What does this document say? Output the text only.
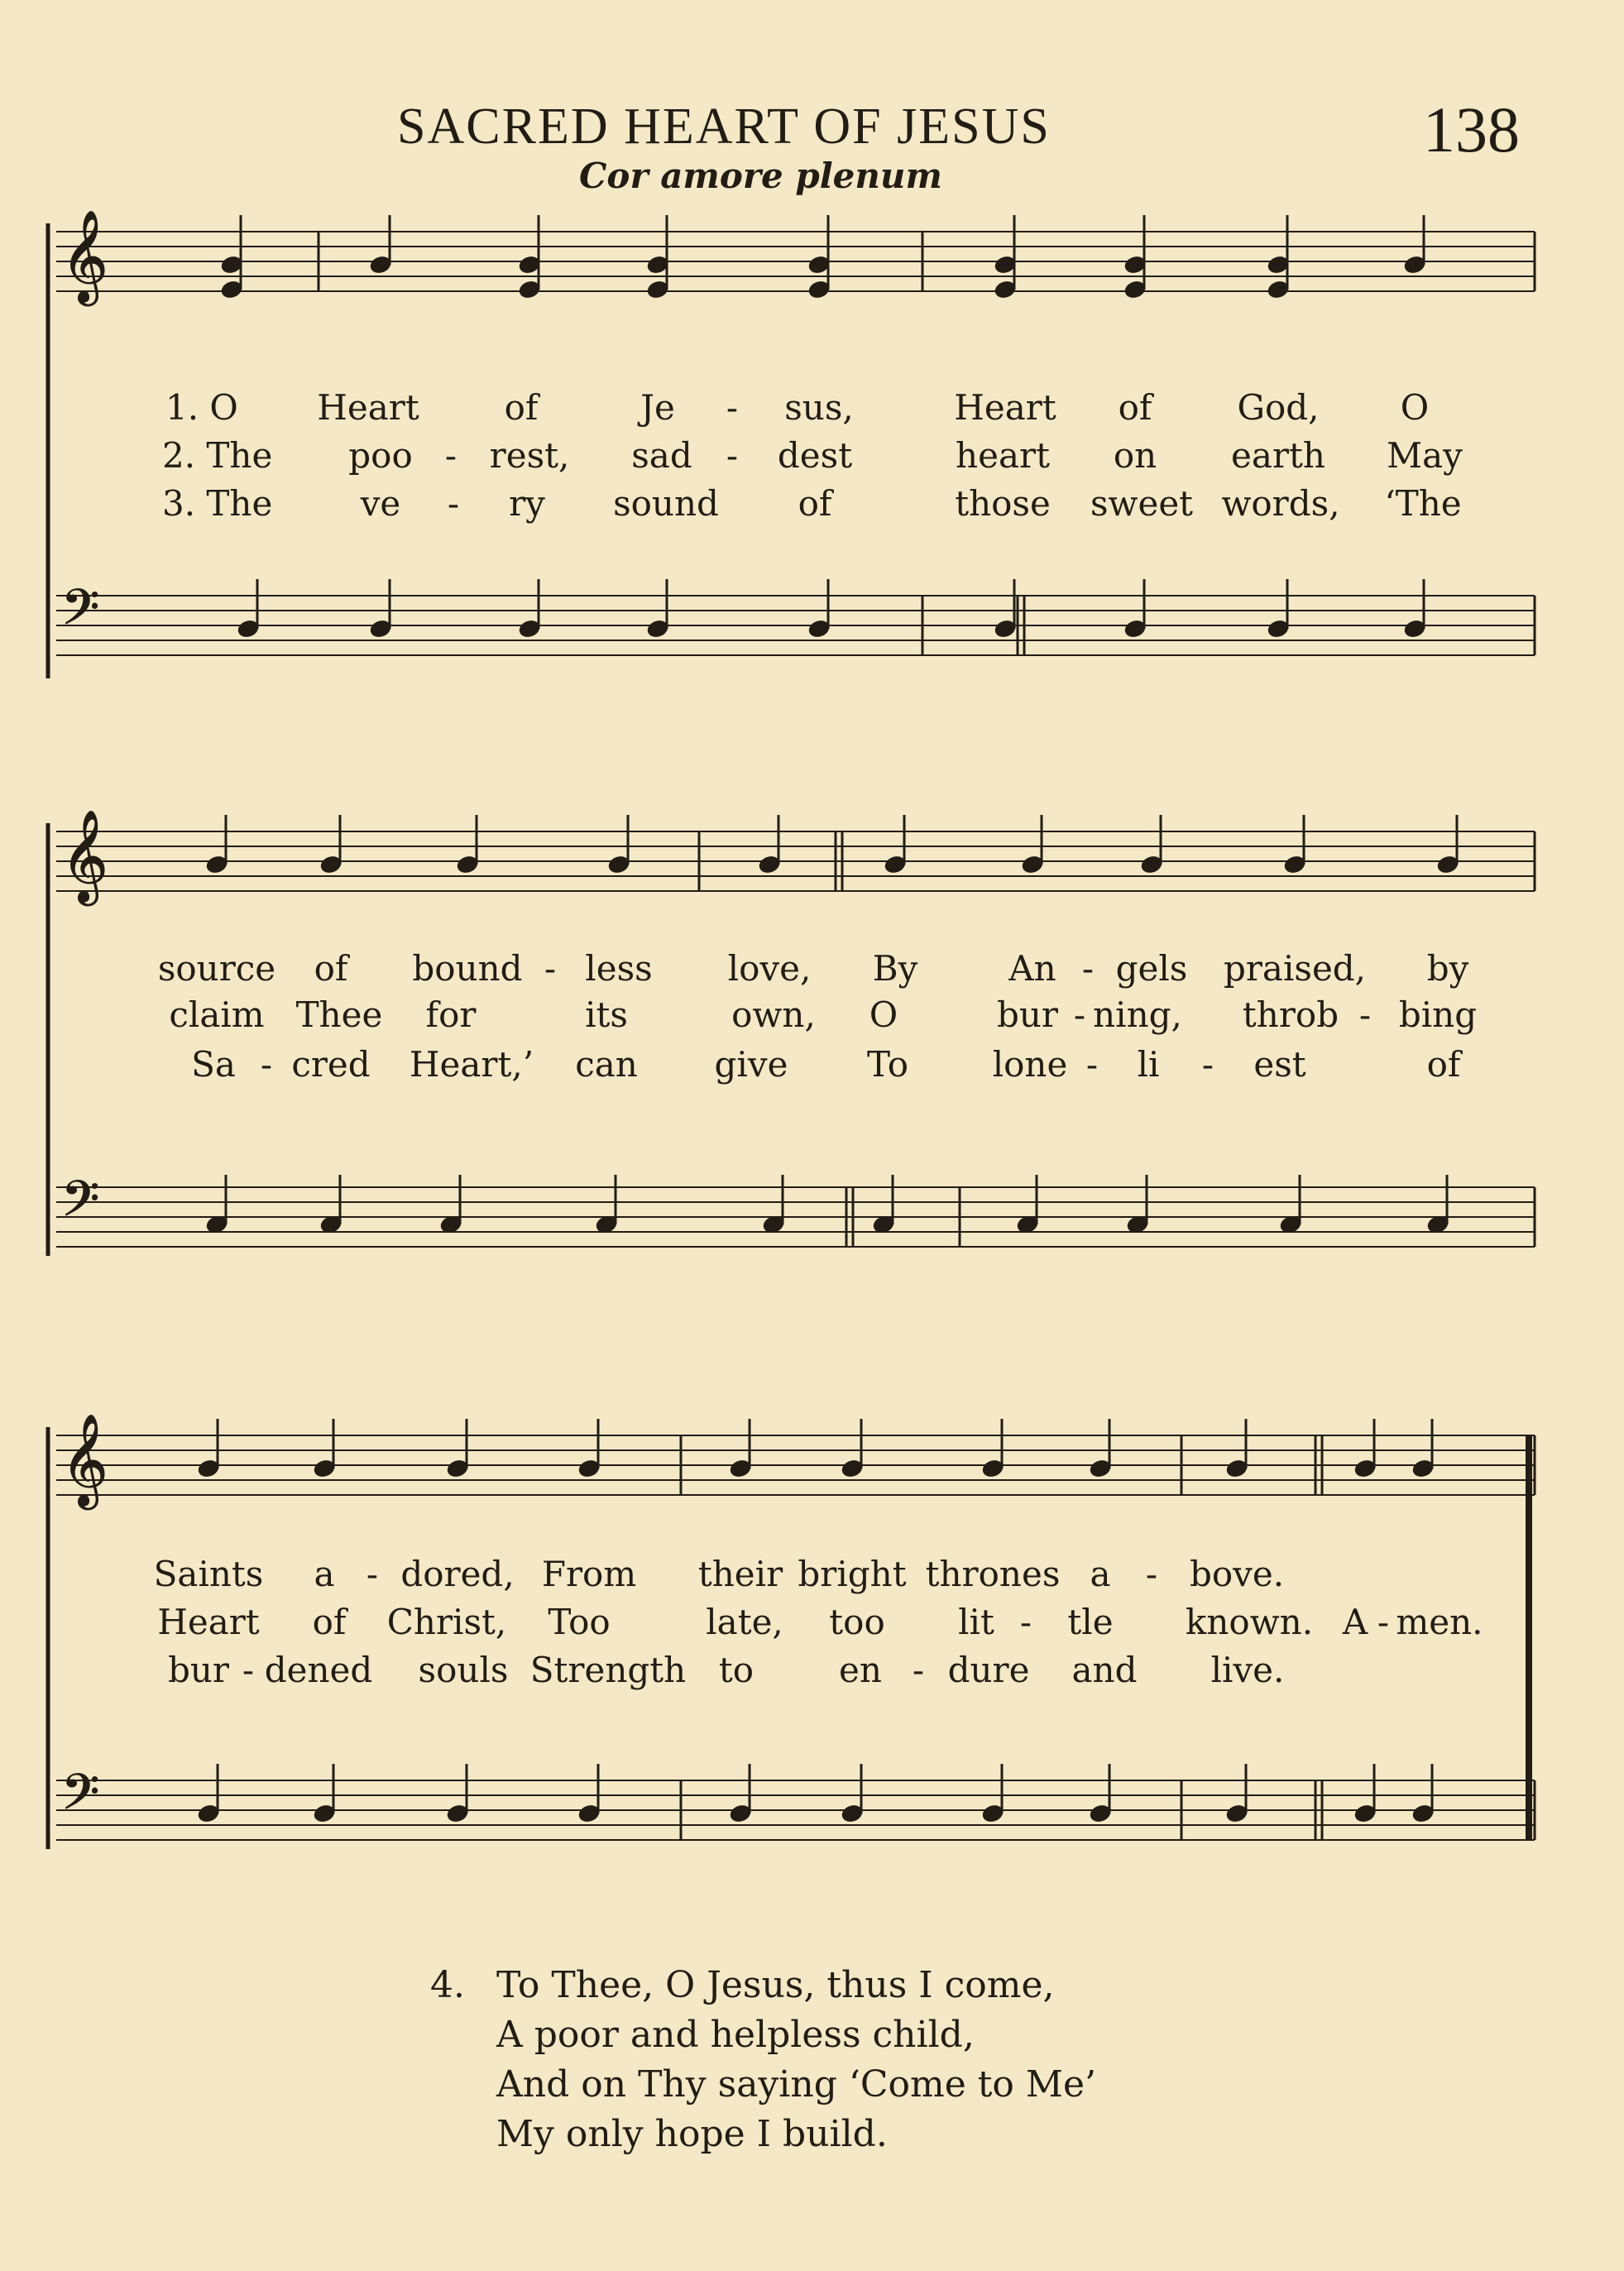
SACRED HEART OF JESUS	138
Cor amore plenum
𝄞
𝄢
𝄞
𝄢
𝄞
𝄢
1. O Heart of	Je - sus,	Heart of God, O
2. The poo - rest, sad - dest	heart on earth May
3. The	ve - ry sound of	those sweet words, ‘The
source of bound - less love, By	An - gels praised, by
claim Thee for	its	own, O	bur - ning, throb - bing
Sa - cred Heart,’ can give To lone - li - est	of
Saints a - dored, From their bright thrones a - bove.
Heart of Christ, Too	late, too lit - tle known. A - men.
bur - dened souls Strength to en - dure and live.
4. To Thee, O Jesus, thus I come,
A poor and helpless child,
And on Thy saying ‘Come to Me’
My only hope I build.
